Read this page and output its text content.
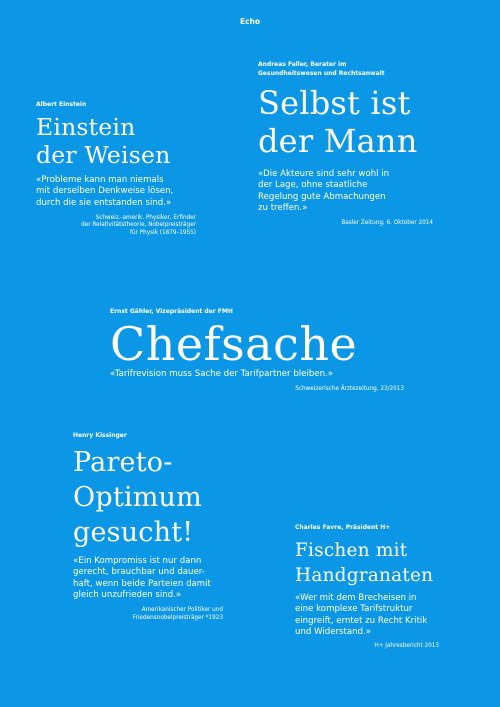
Echo
Albert Einstein
Einstein
der Weisen
«Probleme kann man niemals
mit derselben Denkweise lösen,
durch die sie entstanden sind.»
Schweiz.-amerik. Physiker, Erfinder
der Relativitätstheorie, Nobelpreisträger
für Physik (1879–1955)
Andreas Faller, Berater im
Gesundheitswesen und Rechtsanwalt
Selbst ist
der Mann
«Die Akteure sind sehr wohl in
der Lage, ohne staatliche
Regelung gute Abmachungen
zu treffen.»
Basler Zeitung, 6. Oktober 2014
Ernst Gähler, Vizepräsident der FMH
Chefsache
«Tarifrevision muss Sache der Tarifpartner bleiben.»
Schweizerische Ärztezeitung, 23/2013
Henry Kissinger
Pareto-
Optimum
gesucht!
«Ein Kompromiss ist nur dann
gerecht, brauchbar und dauer-
haft, wenn beide Parteien damit
gleich unzufrieden sind.»
Amerikanischer Politiker und
Friedensnobelpreisträger *1923
Charles Favre, Präsident H+
Fischen mit
Handgranaten
«Wer mit dem Brecheisen in
eine komplexe Tarifstruktur
eingreift, erntet zu Recht Kritik
und Widerstand.»
H+ Jahresbericht 2013
